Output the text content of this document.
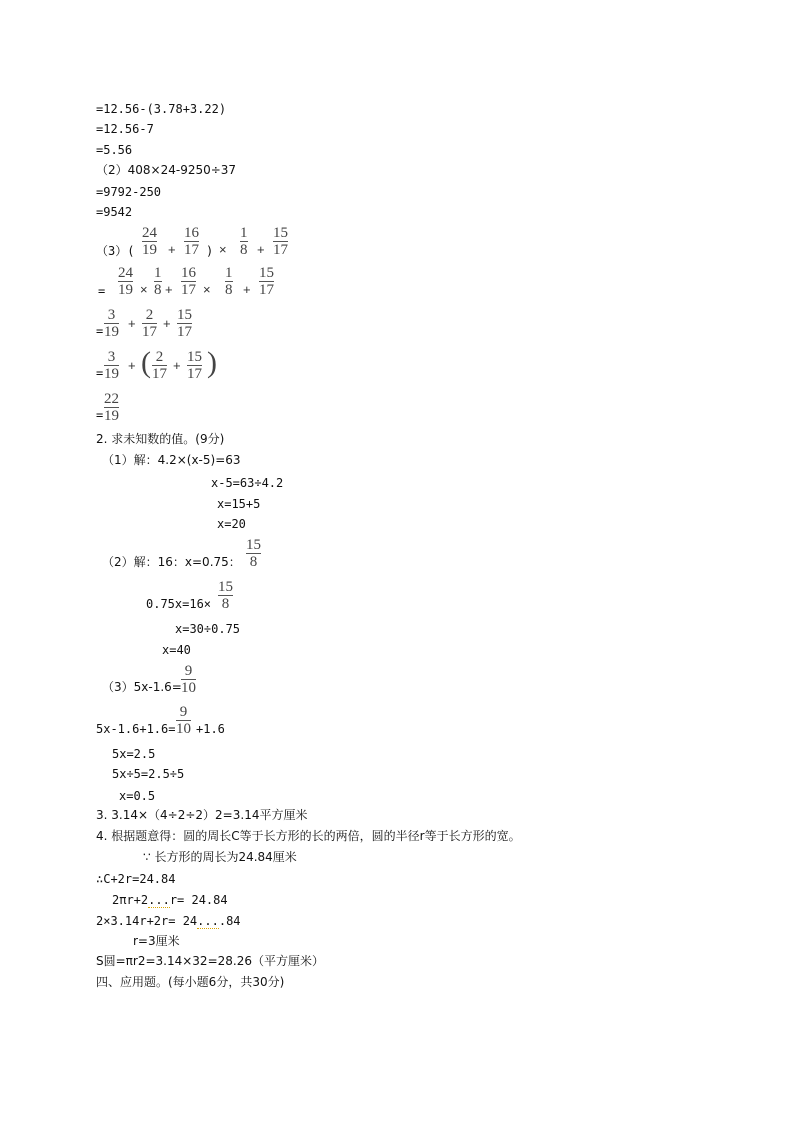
=12.56-(3.78+3.22)
=12.56-7
=5.56
（2）408×24-9250÷37
=9792-250
=9542
（3）(
24
19 +
16
17 ) ×
1
8 +
15
17
=
24
19 ×
1
8 +
16
17 ×
1
8 +
15
17
=
3
19
+
2
17
+
15
17
=
3
19
+ ( 2
17
+
15
17 )
=
22
19
2. 求未知数的值。(9分)
（1）解：4.2×(x-5)=63
x-5=63÷4.2
x=15+5
x=20
（2）解：16：x=0.75：
15
8
0.75x=16×
15
8
x=30÷0.75
x=40
（3）5x-1.6=
9
10
5x-1.6+1.6=
9
10 +1.6
5x=2.5
5x÷5=2.5÷5
x=0.5
3. 3.14×（4÷2÷2）2=3.14平方厘米
4. 根据题意得：圆的周长C等于长方形的长的两倍，圆的半径r等于长方形的宽。
∵ 长方形的周长为24.84厘米
∴C+2r=24.84
2πr+2...r= 24.84
2×3.14r+2r= 24....84
r=3厘米
S圆=πr2=3.14×32=28.26（平方厘米）
四、应用题。(每小题6分，共30分)
